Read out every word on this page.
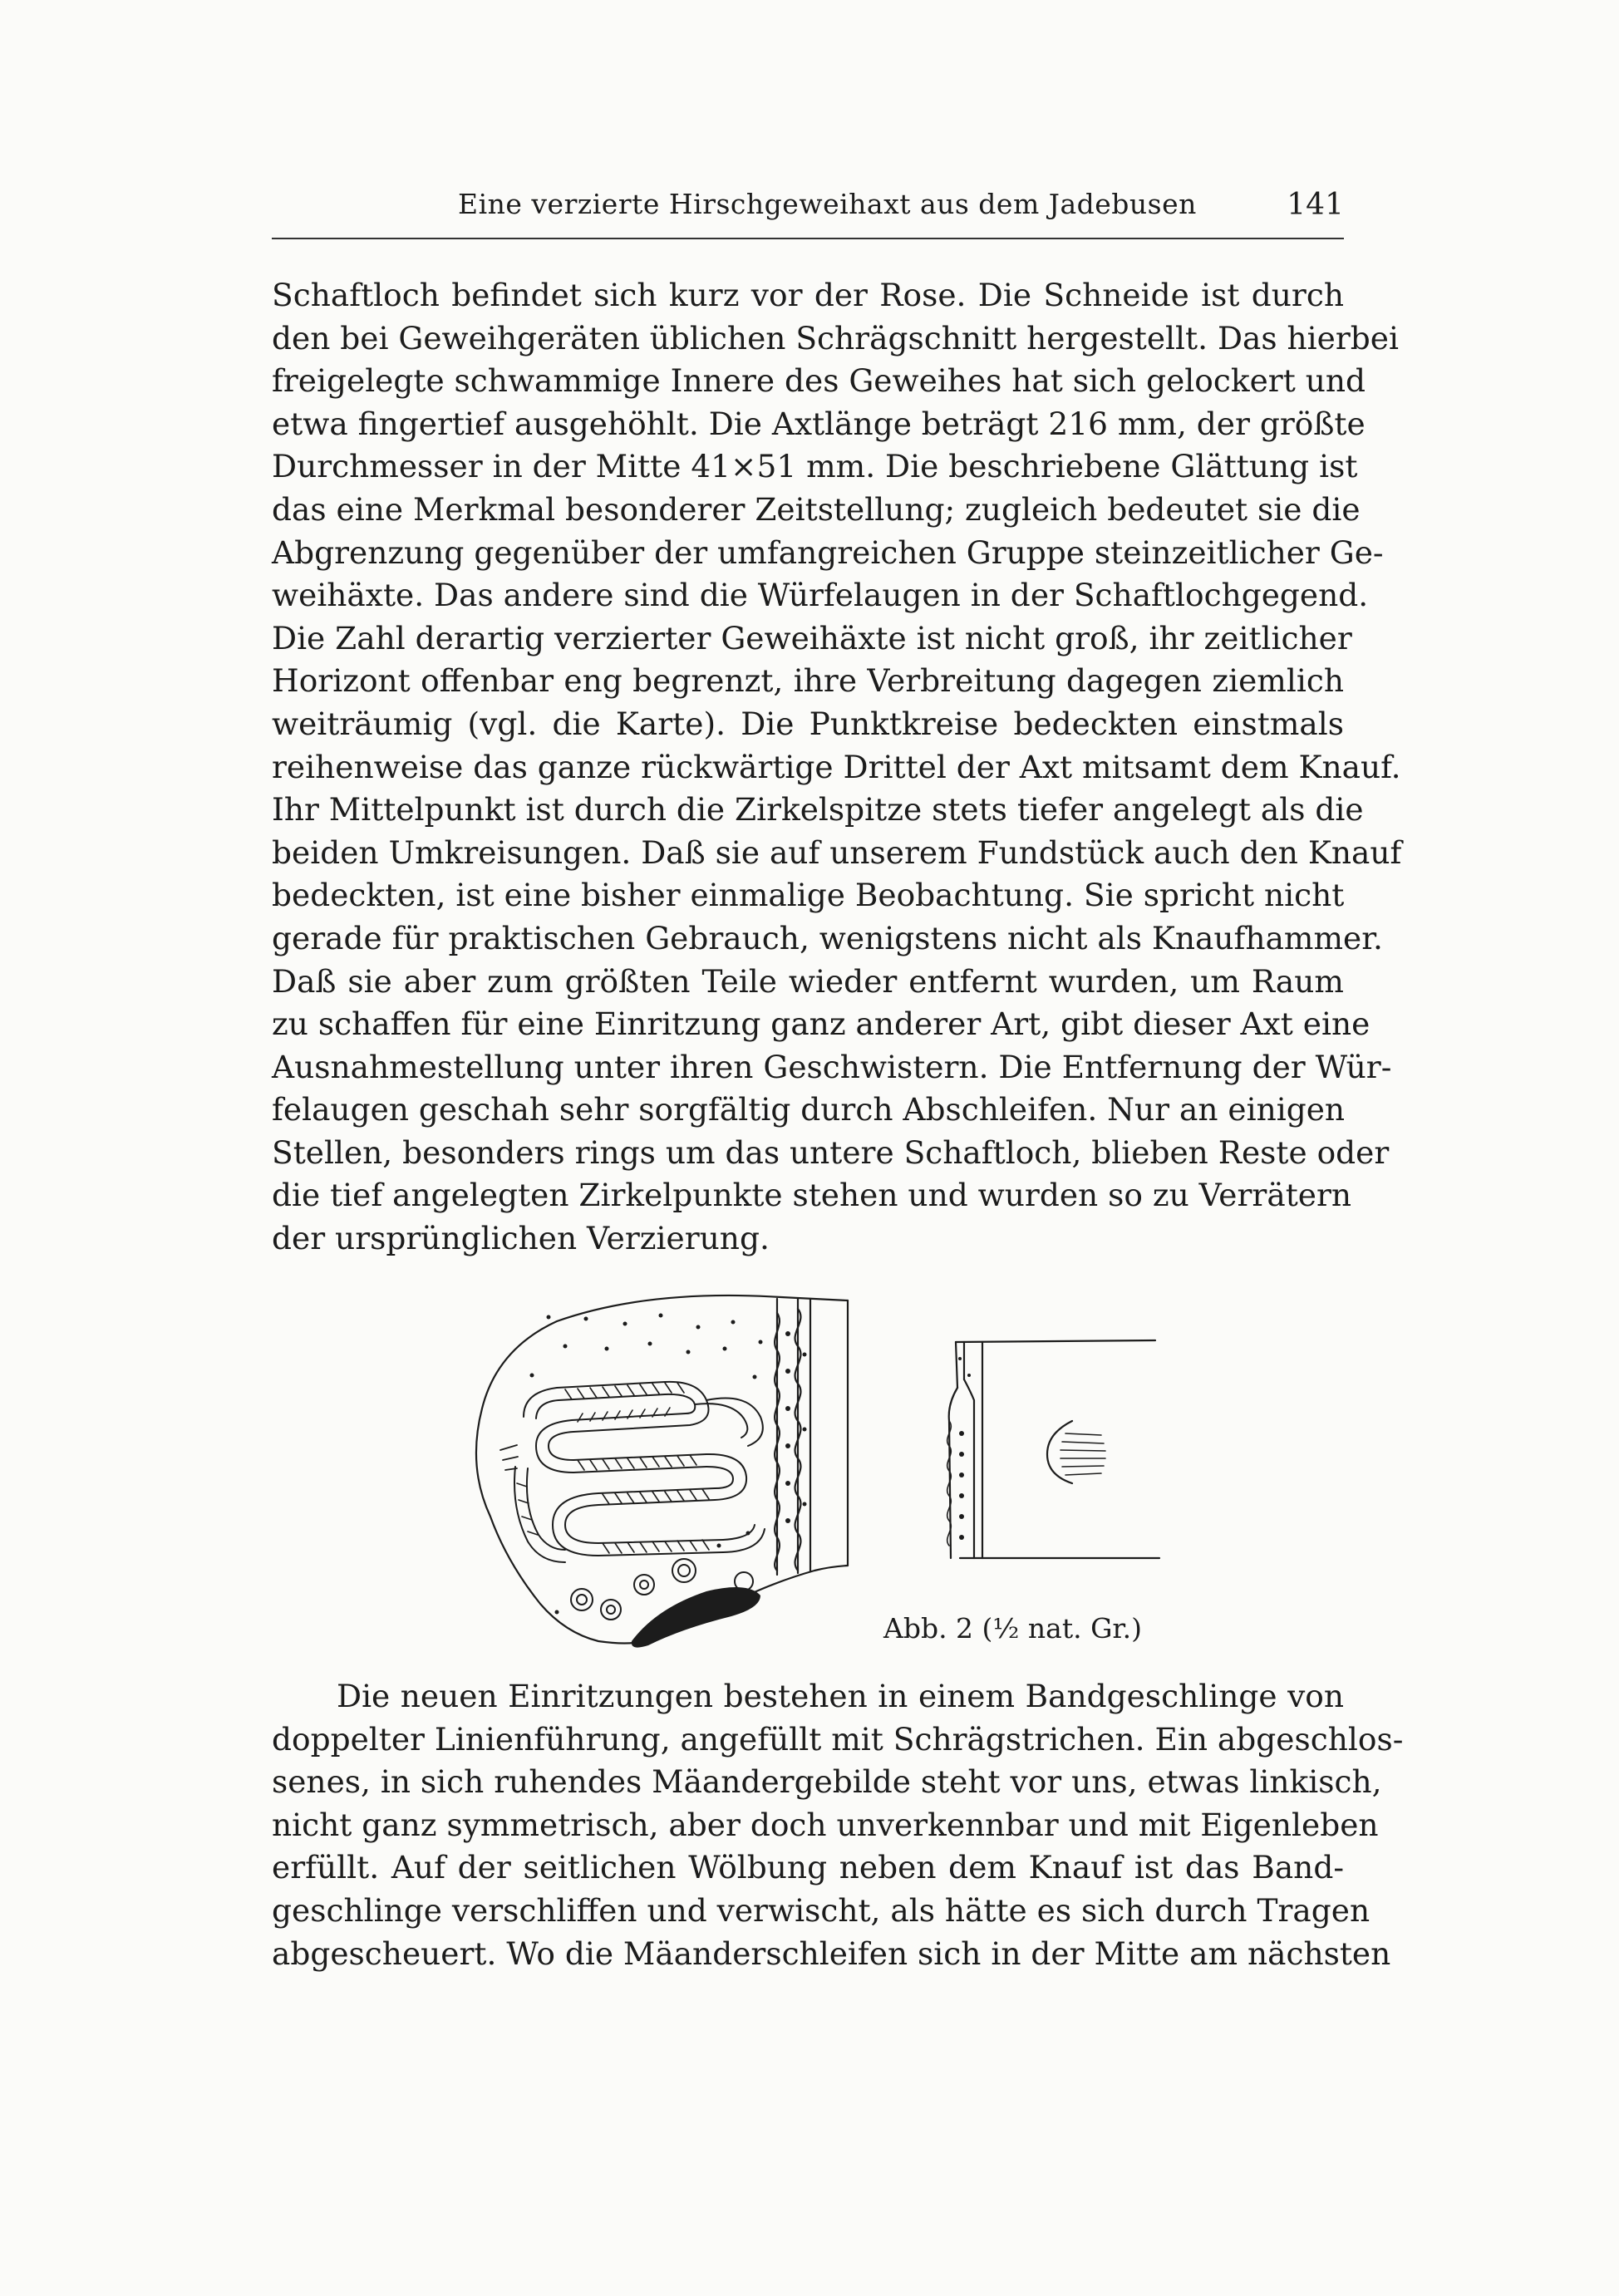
Eine verzierte Hirschgeweihaxt aus dem Jadebusen	141
Schaftloch befindet sich kurz vor der Rose. Die Schneide ist durch
den bei Geweihgeräten üblichen Schrägschnitt hergestellt. Das hierbei
freigelegte schwammige Innere des Geweihes hat sich gelockert und
etwa fingertief ausgehöhlt. Die Axtlänge beträgt 216 mm, der größte
Durchmesser in der Mitte 41×51 mm. Die beschriebene Glättung ist
das eine Merkmal besonderer Zeitstellung; zugleich bedeutet sie die
Abgrenzung gegenüber der umfangreichen Gruppe steinzeitlicher Ge-
weihäxte. Das andere sind die Würfelaugen in der Schaftlochgegend.
Die Zahl derartig verzierter Geweihäxte ist nicht groß, ihr zeitlicher
Horizont offenbar eng begrenzt, ihre Verbreitung dagegen ziemlich
weiträumig (vgl. die Karte). Die Punktkreise bedeckten einstmals
reihenweise das ganze rückwärtige Drittel der Axt mitsamt dem Knauf.
Ihr Mittelpunkt ist durch die Zirkelspitze stets tiefer angelegt als die
beiden Umkreisungen. Daß sie auf unserem Fundstück auch den Knauf
bedeckten, ist eine bisher einmalige Beobachtung. Sie spricht nicht
gerade für praktischen Gebrauch, wenigstens nicht als Knaufhammer.
Daß sie aber zum größten Teile wieder entfernt wurden, um Raum
zu schaffen für eine Einritzung ganz anderer Art, gibt dieser Axt eine
Ausnahmestellung unter ihren Geschwistern. Die Entfernung der Wür-
felaugen geschah sehr sorgfältig durch Abschleifen. Nur an einigen
Stellen, besonders rings um das untere Schaftloch, blieben Reste oder
die tief angelegten Zirkelpunkte stehen und wurden so zu Verrätern
der ursprünglichen Verzierung.
Abb. 2 (½ nat. Gr.)
Die neuen Einritzungen bestehen in einem Bandgeschlinge von
doppelter Linienführung, angefüllt mit Schrägstrichen. Ein abgeschlos-
senes, in sich ruhendes Mäandergebilde steht vor uns, etwas linkisch,
nicht ganz symmetrisch, aber doch unverkennbar und mit Eigenleben
erfüllt. Auf der seitlichen Wölbung neben dem Knauf ist das Band-
geschlinge verschliffen und verwischt, als hätte es sich durch Tragen
abgescheuert. Wo die Mäanderschleifen sich in der Mitte am nächsten
